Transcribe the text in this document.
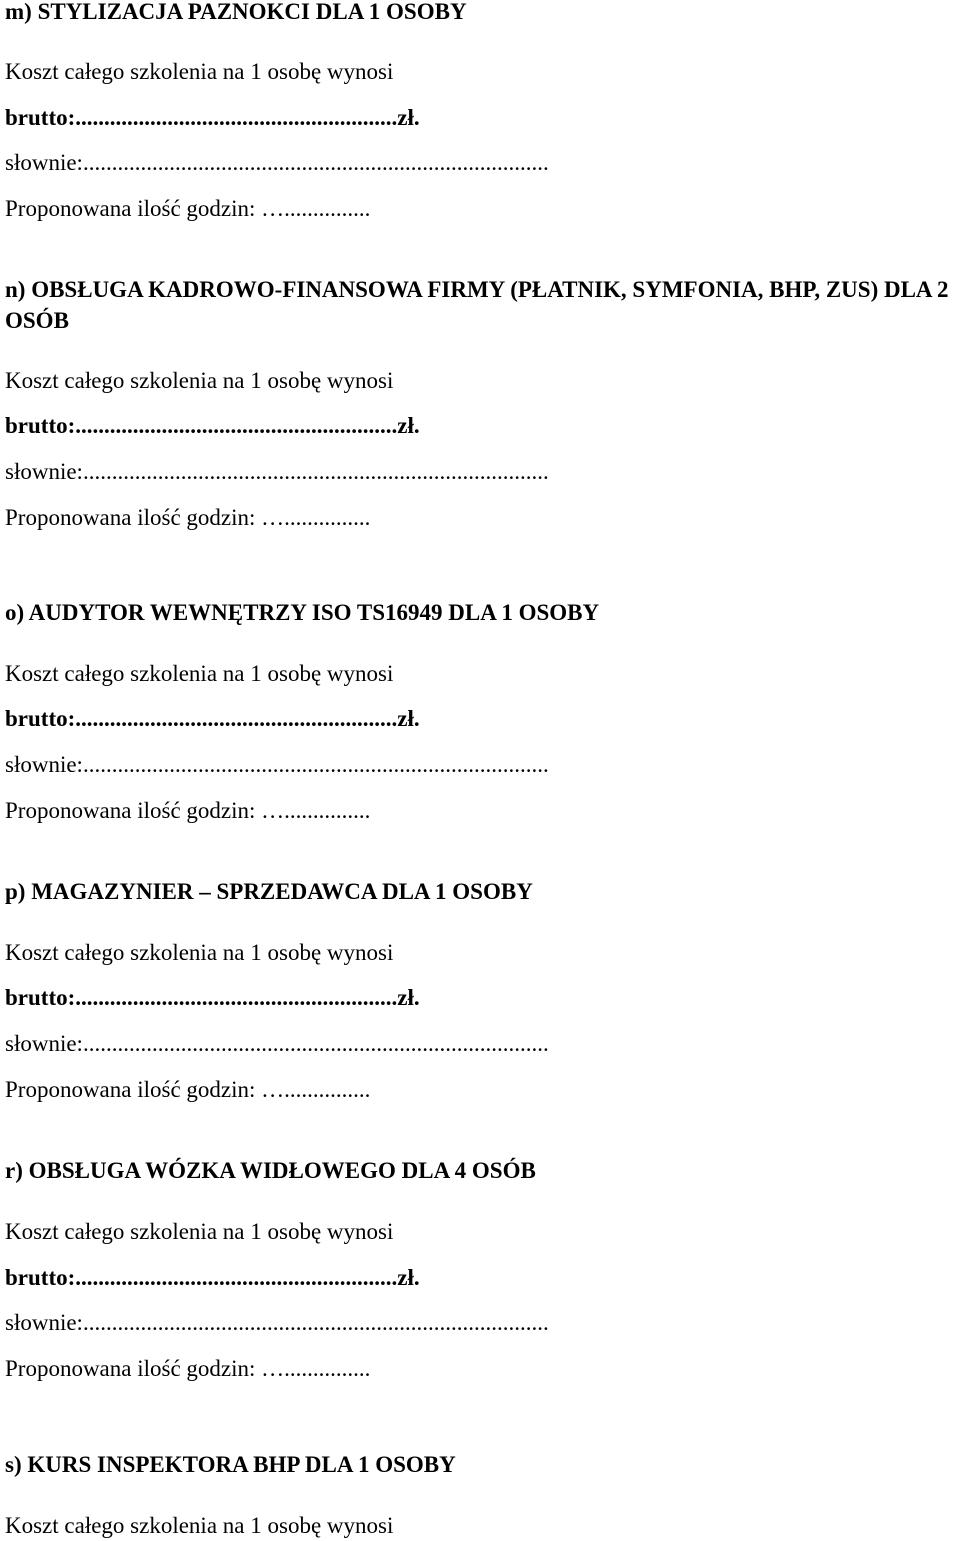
m) STYLIZACJA PAZNOKCI DLA 1 OSOBY
Koszt całego szkolenia na 1 osobę wynosi
brutto:........................................................zł.
słownie:.................................................................................
Proponowana ilość godzin: …...............
n) OBSŁUGA KADROWO-FINANSOWA FIRMY (PŁATNIK, SYMFONIA, BHP, ZUS) DLA 2 OSÓB
Koszt całego szkolenia na 1 osobę wynosi
brutto:........................................................zł.
słownie:.................................................................................
Proponowana ilość godzin: …...............
o) AUDYTOR WEWNĘTRZY ISO TS16949 DLA 1 OSOBY
Koszt całego szkolenia na 1 osobę wynosi
brutto:........................................................zł.
słownie:.................................................................................
Proponowana ilość godzin: …...............
p) MAGAZYNIER – SPRZEDAWCA DLA 1 OSOBY
Koszt całego szkolenia na 1 osobę wynosi
brutto:........................................................zł.
słownie:.................................................................................
Proponowana ilość godzin: …...............
r) OBSŁUGA WÓZKA WIDŁOWEGO DLA 4 OSÓB
Koszt całego szkolenia na 1 osobę wynosi
brutto:........................................................zł.
słownie:.................................................................................
Proponowana ilość godzin: …...............
s) KURS INSPEKTORA BHP DLA 1 OSOBY
Koszt całego szkolenia na 1 osobę wynosi
